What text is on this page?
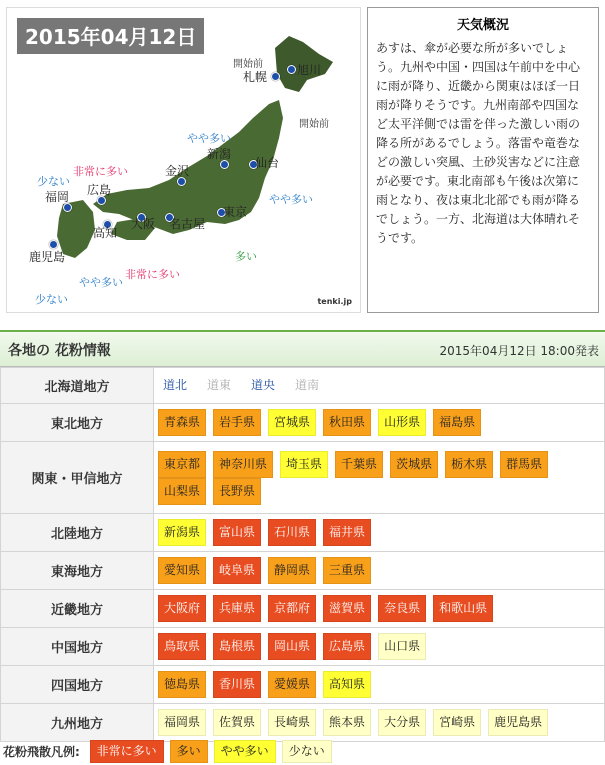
2015年04月12日
開始前
開始前
札幌 旭川
新潟
仙台
金沢
広島
福岡
大阪 名古屋
東京
高知
鹿児島
やや多い
非常に多い
少ない
やや多い
多い
非常に多い
やや多い
少ない	tenki.jp
天気概況

あすは、傘が必要な所が多いでしょう。九州や中国・四国は午前中を中心に雨が降り、近畿から関東はほぼ一日雨が降りそうです。九州南部や四国など太平洋側では雷を伴った激しい雨の降る所があるでしょう。落雷や竜巻などの激しい突風、土砂災害などに注意が必要です。東北南部も午後は次第に雨となり、夜は東北北部でも雨が降るでしょう。一方、北海道は大体晴れそうです。

各地の 花粉情報	2015年04月12日 18:00発表
北海道地方	道北 道東 道央 道南
東北地方	青森県 岩手県 宮城県 秋田県 山形県 福島県
関東・甲信地方	東京都 神奈川県 埼玉県 千葉県 茨城県 栃木県 群馬県山梨県 長野県
北陸地方	新潟県 富山県 石川県 福井県
東海地方	愛知県 岐阜県 静岡県 三重県
近畿地方	大阪府 兵庫県 京都府 滋賀県 奈良県 和歌山県
中国地方	鳥取県 島根県 岡山県 広島県 山口県
四国地方	徳島県 香川県 愛媛県 高知県
九州地方	福岡県 佐賀県 長崎県 熊本県 大分県 宮崎県 鹿児島県
花粉飛散凡例: 非常に多い 多い やや多い 少ない
